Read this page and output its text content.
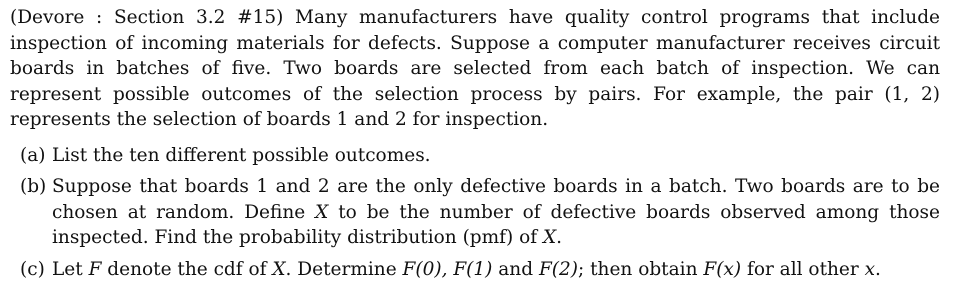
(Devore : Section 3.2 #15) Many manufacturers have quality control programs that include inspection of incoming materials for defects. Suppose a computer manufacturer receives circuit boards in batches of five. Two boards are selected from each batch of inspection. We can represent possible outcomes of the selection process by pairs. For example, the pair (1, 2) represents the selection of boards 1 and 2 for inspection.

(a) List the ten different possible outcomes.
(b) Suppose that boards 1 and 2 are the only defective boards in a batch. Two boards are to be chosen at random. Define X to be the number of defective boards observed among those inspected. Find the probability distribution (pmf) of X.
(c) Let F denote the cdf of X. Determine F(0), F(1) and F(2); then obtain F(x) for all other x.
